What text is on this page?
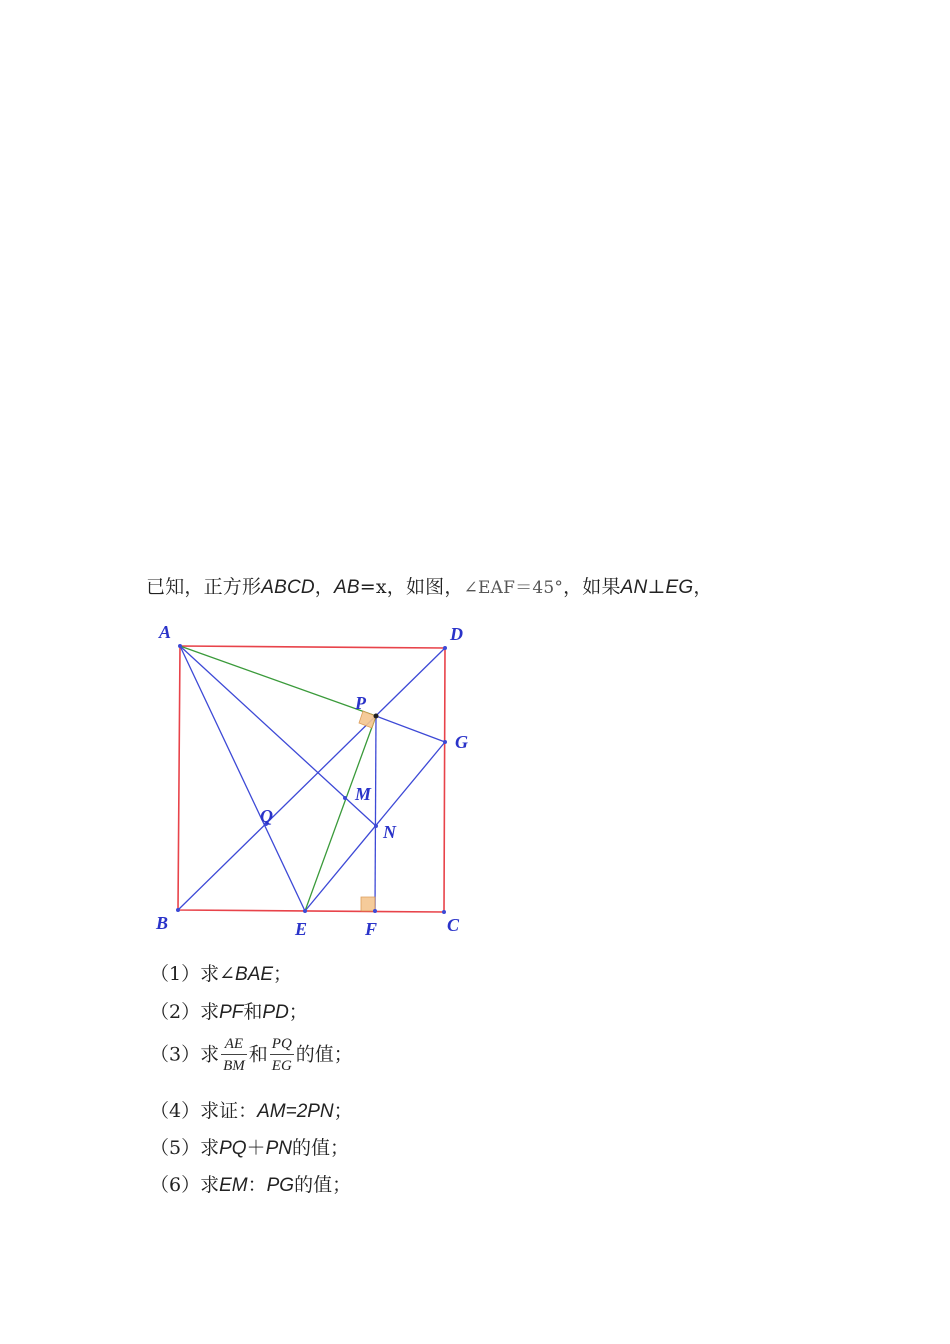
已知，正方形ABCD，AB=x，如图，∠EAF＝45°，如果AN⊥EG，
A	D
P
G
M
Q
N
B	E	F	C
（1）求∠BAE；
（2）求PF和PD；
（3）求 $\frac{AE}{BM}$ 和 $\frac{PQ}{EG}$ 的值；
（4）求证：AM=2PN；
（5）求PQ＋PN的值；
（6）求EM：PG的值；
